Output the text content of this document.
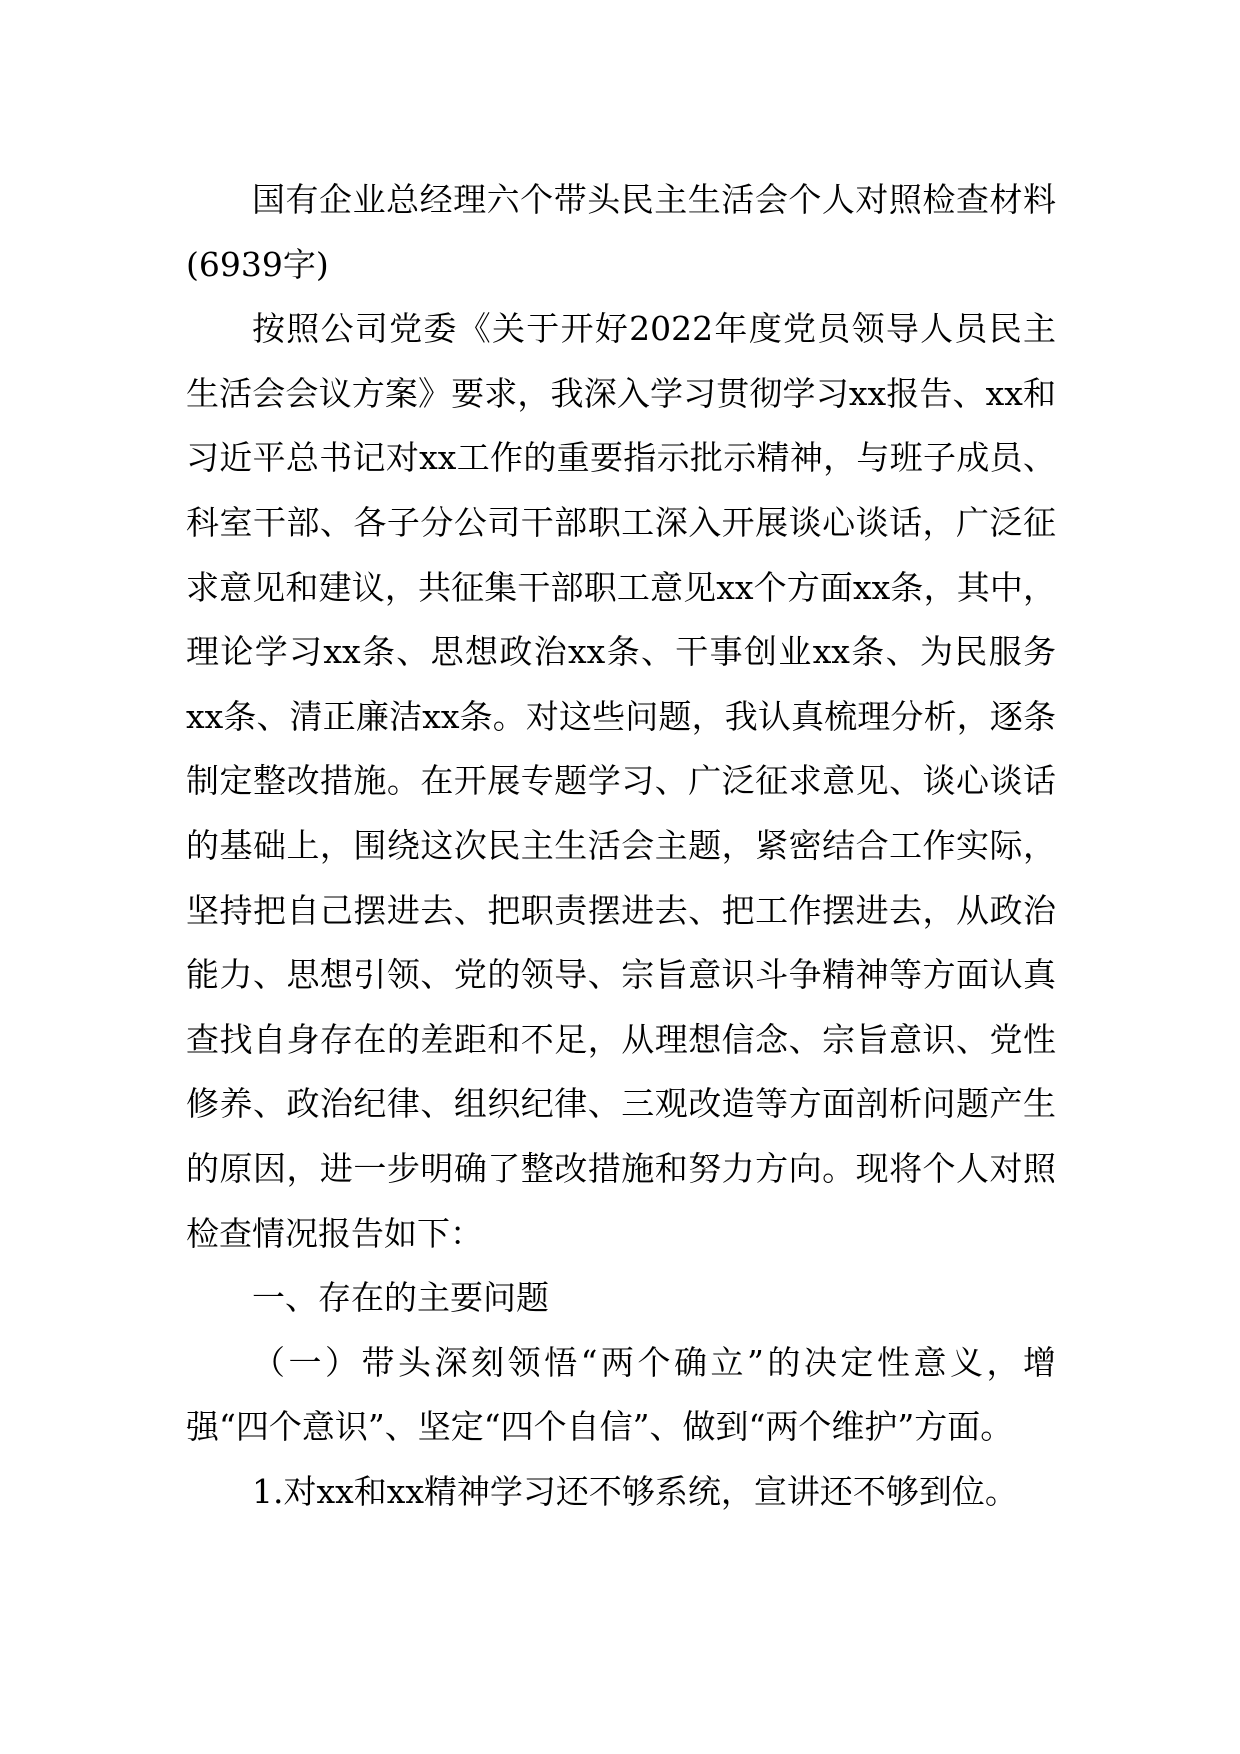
国有企业总经理六个带头民主生活会个人对照检查材料(6939字)

按照公司党委《关于开好2022年度党员领导人员民主生活会会议方案》要求，我深入学习贯彻学习xx报告、xx和习近平总书记对xx工作的重要指示批示精神，与班子成员、科室干部、各子分公司干部职工深入开展谈心谈话，广泛征求意见和建议，共征集干部职工意见xx个方面xx条，其中，理论学习xx条、思想政治xx条、干事创业xx条、为民服务xx条、清正廉洁xx条。对这些问题，我认真梳理分析，逐条制定整改措施。在开展专题学习、广泛征求意见、谈心谈话的基础上，围绕这次民主生活会主题，紧密结合工作实际，坚持把自己摆进去、把职责摆进去、把工作摆进去，从政治能力、思想引领、党的领导、宗旨意识斗争精神等方面认真查找自身存在的差距和不足，从理想信念、宗旨意识、党性修养、政治纪律、组织纪律、三观改造等方面剖析问题产生的原因，进一步明确了整改措施和努力方向。现将个人对照检查情况报告如下：

一、存在的主要问题

（一）带头深刻领悟“两个确立”的决定性意义，增强“四个意识”、坚定“四个自信”、做到“两个维护”方面。

1.对xx和xx精神学习还不够系统，宣讲还不够到位。
